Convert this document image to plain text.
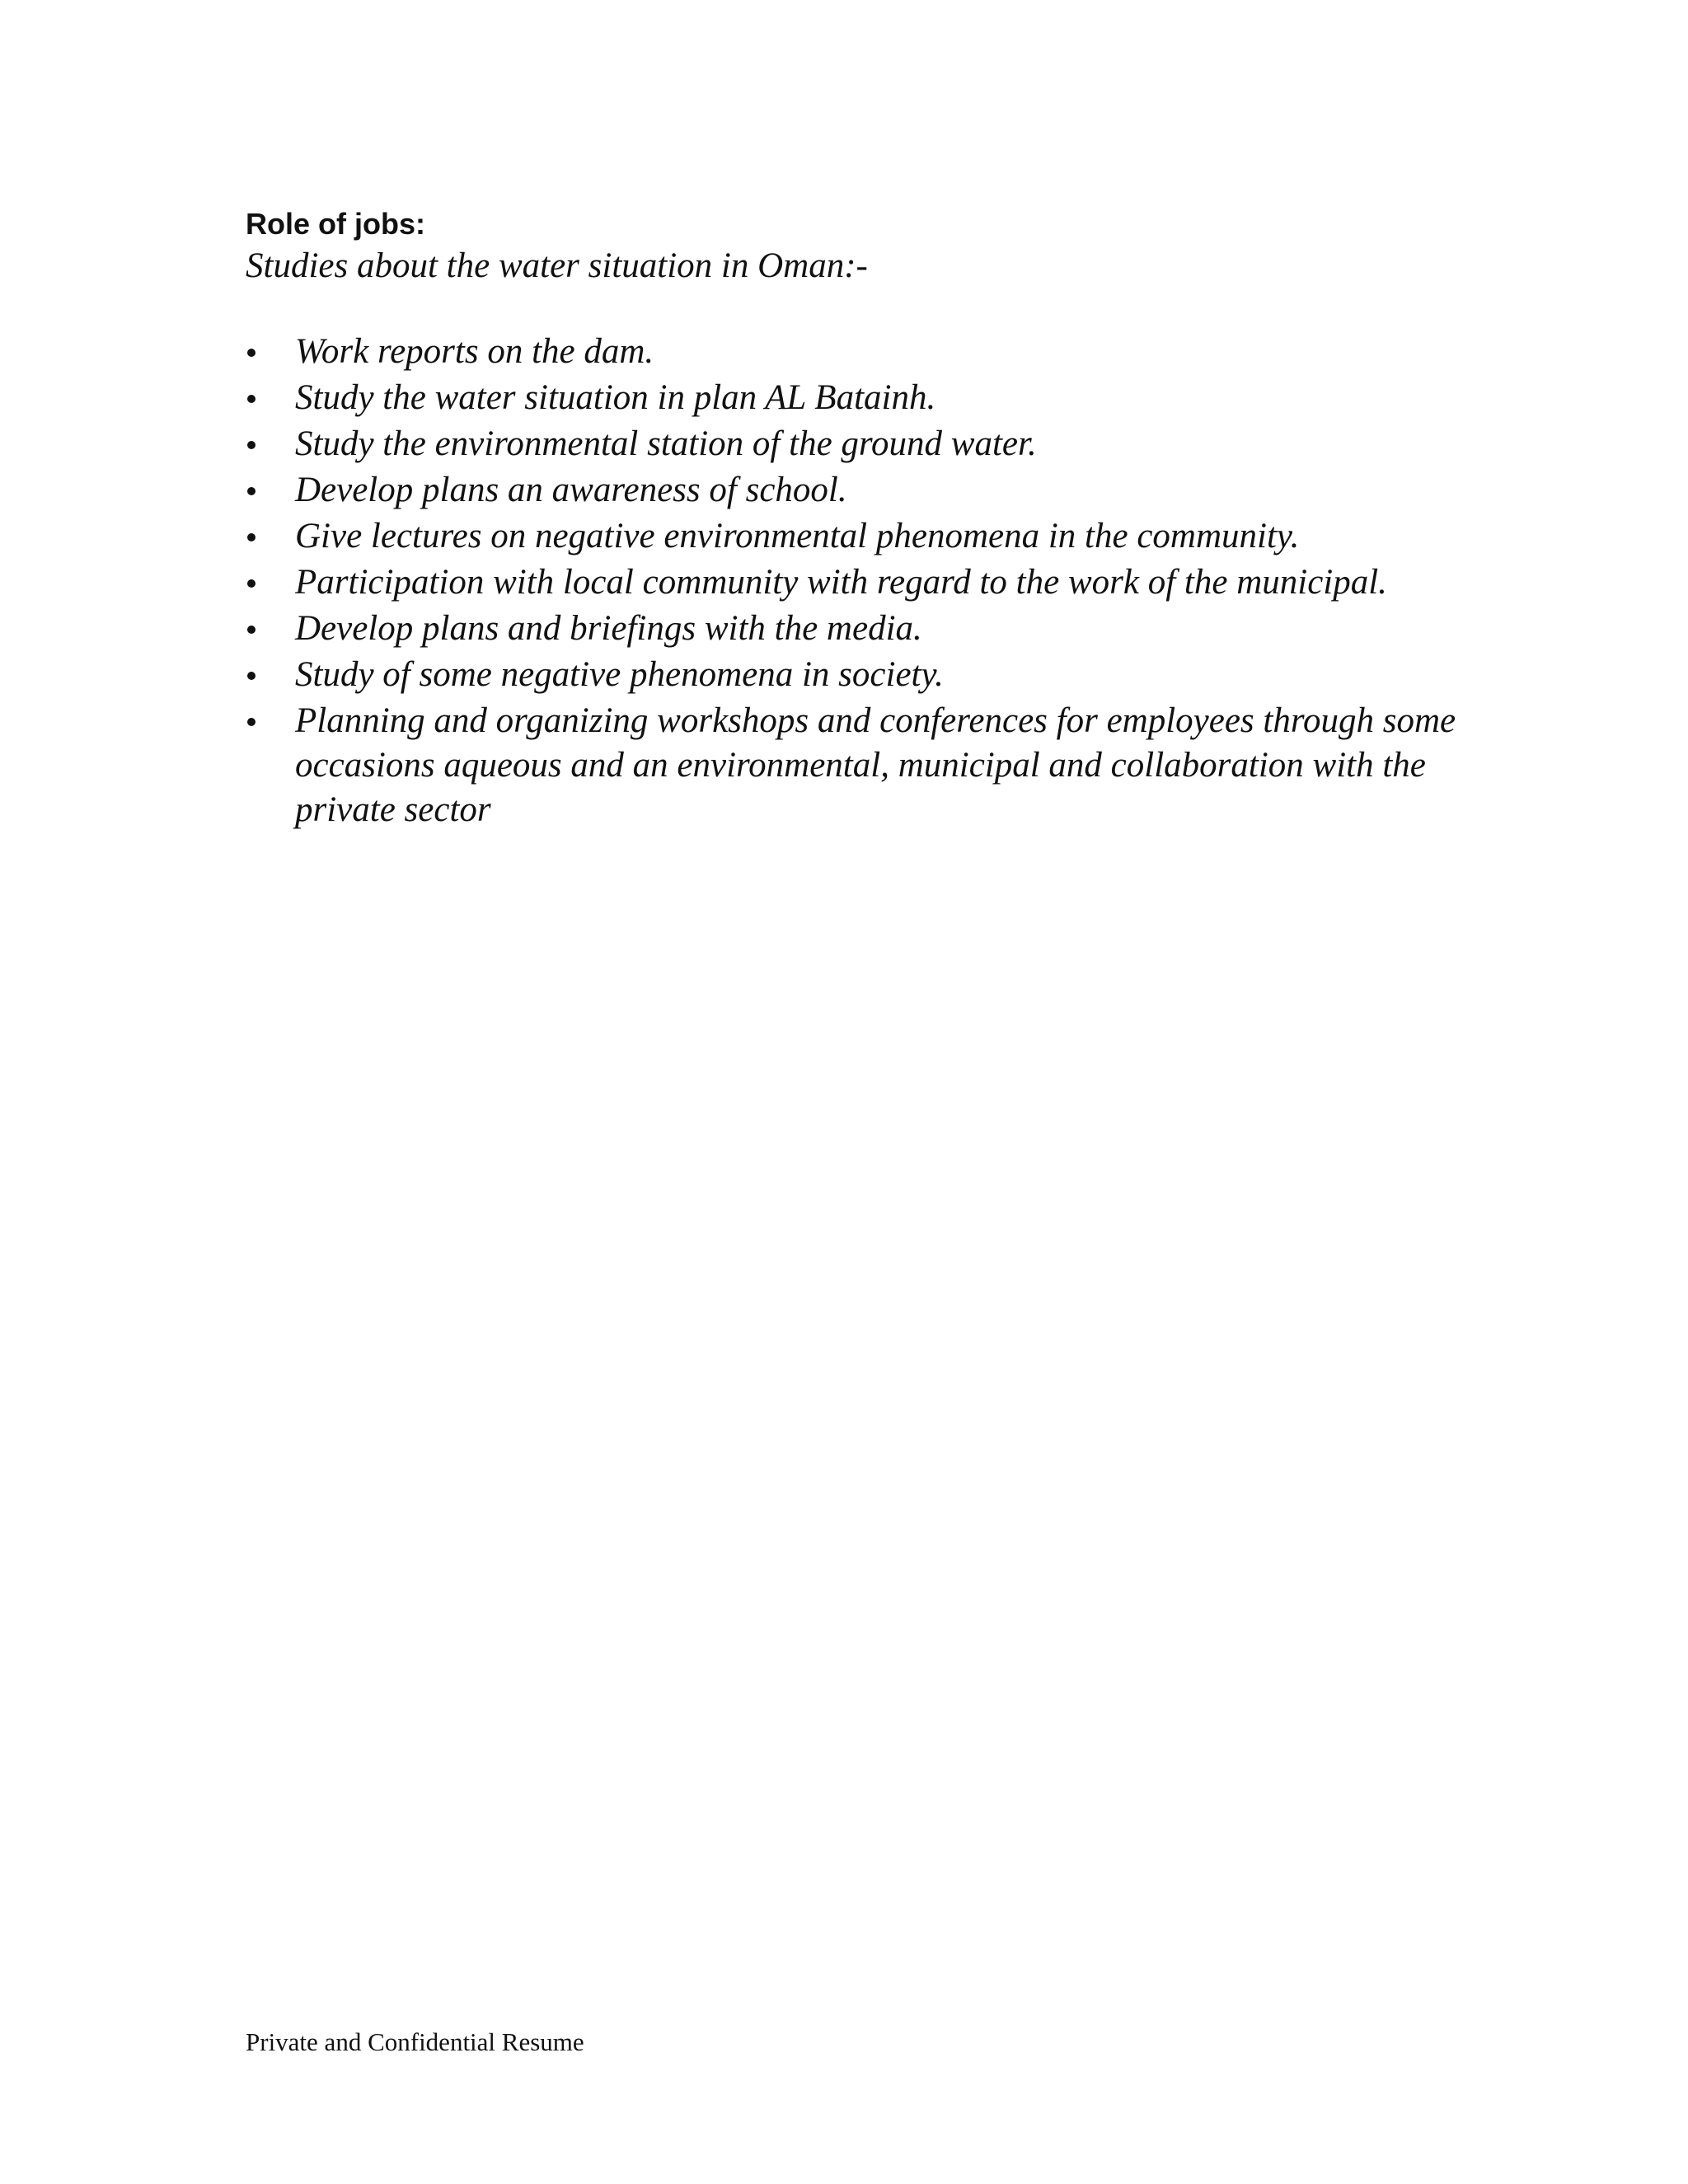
Role of jobs:

Studies about the water situation in Oman:-

Work reports on the dam.
Study the water situation in plan AL Batainh.
Study the environmental station of the ground water.
Develop plans an awareness of school.
Give lectures on negative environmental phenomena in the community.
Participation with local community with regard to the work of the municipal.
Develop plans and briefings with the media.
Study of some negative phenomena in society.
Planning and organizing workshops and conferences for employees through some occasions aqueous and an environmental, municipal and collaboration with the private sector
Private and Confidential Resume
